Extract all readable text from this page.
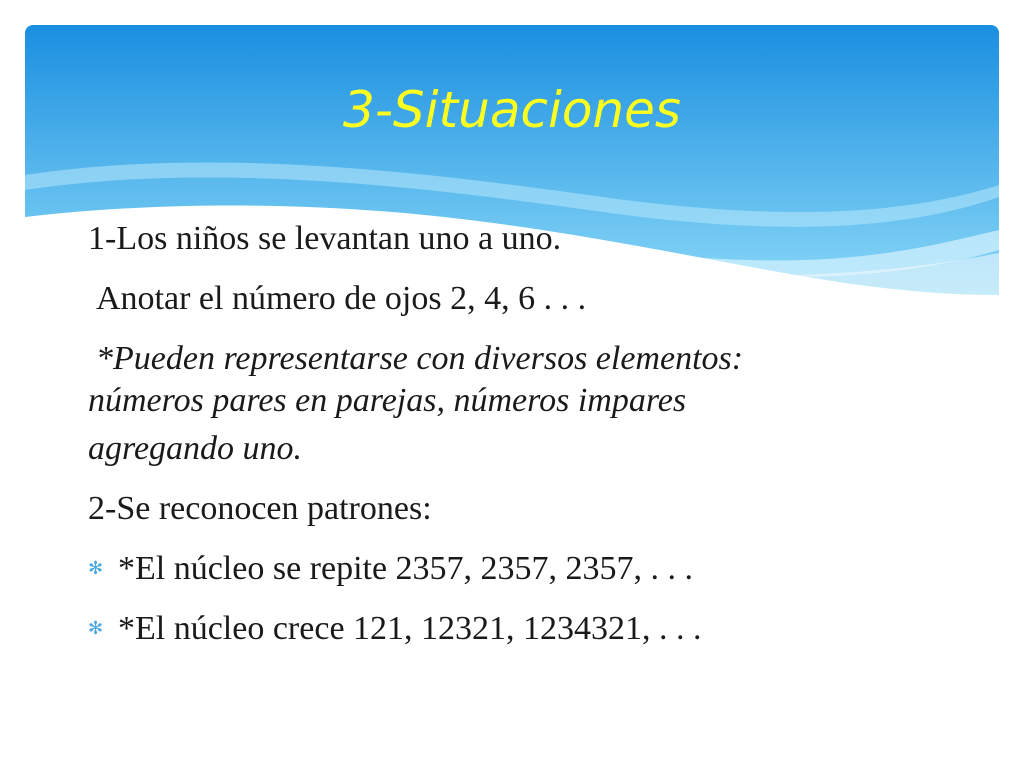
3-Situaciones
1-Los niños se levantan uno a uno.
Anotar el número de ojos 2, 4, 6 . . .
*Pueden representarse con diversos elementos:
números pares en parejas, números impares
agregando uno.
2-Se reconocen patrones:
✻ *El núcleo se repite 2357, 2357, 2357, . . .
✻ *El núcleo crece 121, 12321, 1234321, . . .
